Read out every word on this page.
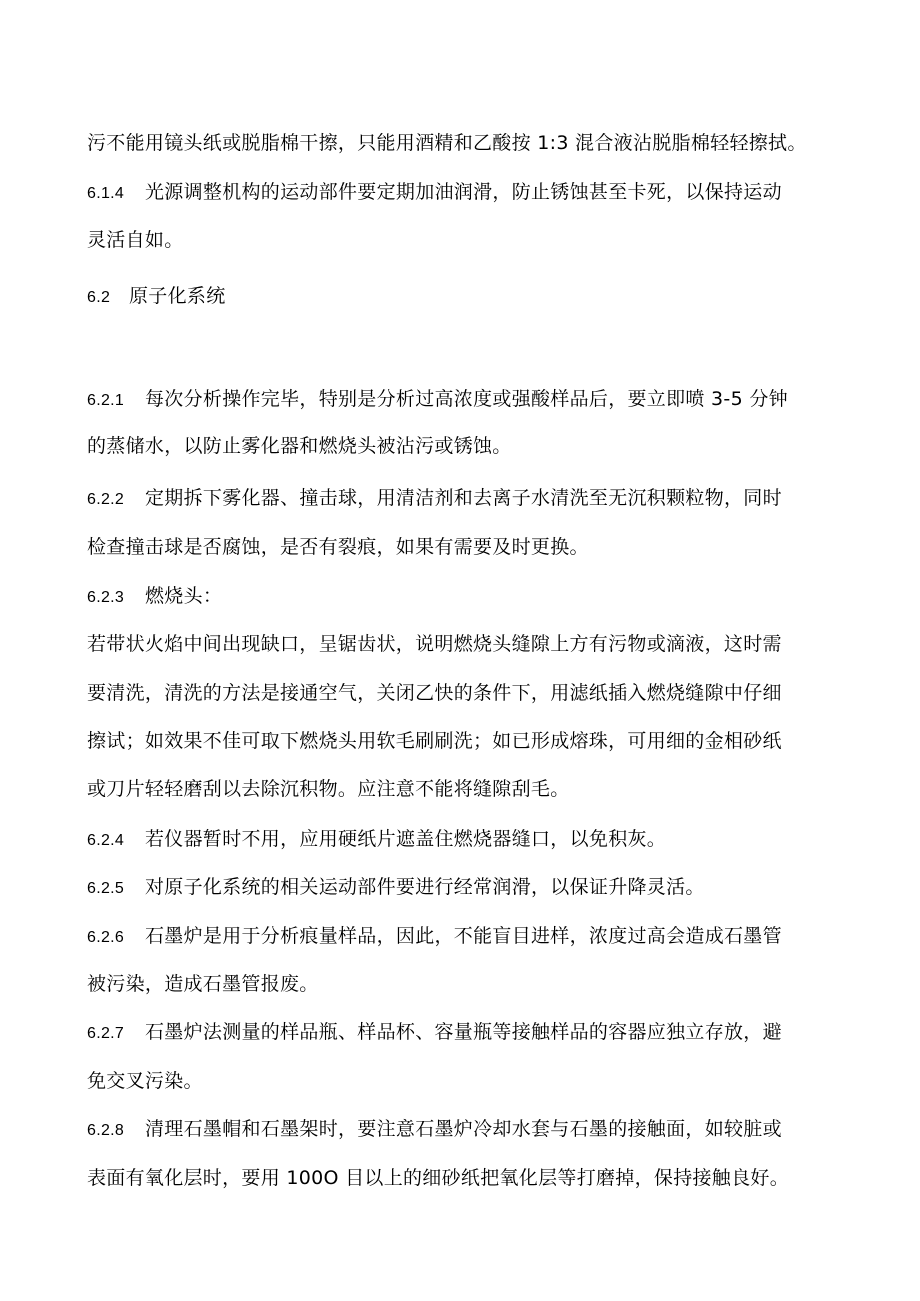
污不能用镜头纸或脱脂棉干擦，只能用酒精和乙酸按 1:3 混合液沾脱脂棉轻轻擦拭。
6.1.4 光源调整机构的运动部件要定期加油润滑，防止锈蚀甚至卡死，以保持运动
灵活自如。
6.2 原子化系统
6.2.1 每次分析操作完毕，特别是分析过高浓度或强酸样品后，要立即喷 3-5 分钟
的蒸储水，以防止雾化器和燃烧头被沾污或锈蚀。
6.2.2 定期拆下雾化器、撞击球，用清洁剂和去离子水清洗至无沉积颗粒物，同时
检查撞击球是否腐蚀，是否有裂痕，如果有需要及时更换。
6.2.3 燃烧头：
若带状火焰中间出现缺口，呈锯齿状，说明燃烧头缝隙上方有污物或滴液，这时需
要清洗，清洗的方法是接通空气，关闭乙快的条件下，用滤纸插入燃烧缝隙中仔细
擦试；如效果不佳可取下燃烧头用软毛刷刷洗；如已形成熔珠，可用细的金相砂纸
或刀片轻轻磨刮以去除沉积物。应注意不能将缝隙刮毛。
6.2.4 若仪器暂时不用，应用硬纸片遮盖住燃烧器缝口，以免积灰。
6.2.5 对原子化系统的相关运动部件要进行经常润滑，以保证升降灵活。
6.2.6 石墨炉是用于分析痕量样品，因此，不能盲目进样，浓度过高会造成石墨管
被污染，造成石墨管报废。
6.2.7 石墨炉法测量的样品瓶、样品杯、容量瓶等接触样品的容器应独立存放，避
免交叉污染。
6.2.8 清理石墨帽和石墨架时，要注意石墨炉冷却水套与石墨的接触面，如较脏或
表面有氧化层时，要用 100O 目以上的细砂纸把氧化层等打磨掉，保持接触良好。
